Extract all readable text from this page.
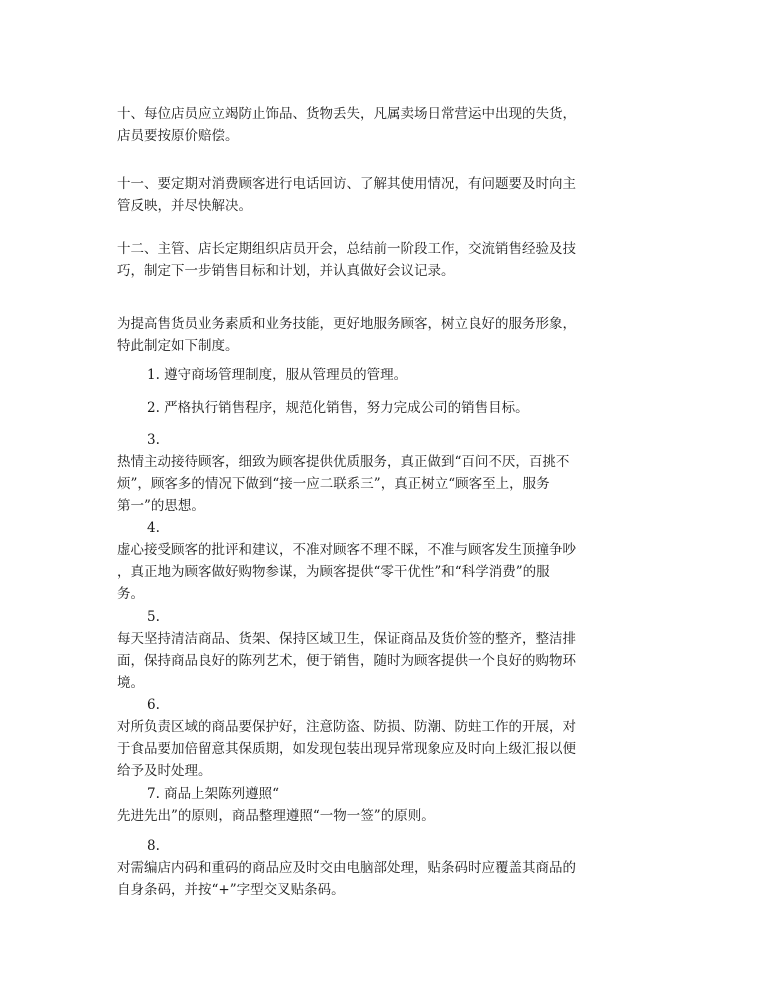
十、每位店员应立竭防止饰品、货物丢失，凡属卖场日常营运中出现的失货，
店员要按原价赔偿。
十一、要定期对消费顾客进行电话回访、了解其使用情况，有问题要及时向主
管反映，并尽快解决。
十二、主管、店长定期组织店员开会，总结前一阶段工作，交流销售经验及技
巧，制定下一步销售目标和计划，并认真做好会议记录。
为提高售货员业务素质和业务技能，更好地服务顾客，树立良好的服务形象，
特此制定如下制度。
1. 遵守商场管理制度，服从管理员的管理。
2. 严格执行销售程序，规范化销售，努力完成公司的销售目标。
3.
热情主动接待顾客，细致为顾客提供优质服务，真正做到“百问不厌，百挑不
烦”，顾客多的情况下做到“接一应二联系三”，真正树立“顾客至上，服务
第一”的思想。
4.
虚心接受顾客的批评和建议，不准对顾客不理不睬，不准与顾客发生顶撞争吵
，真正地为顾客做好购物参谋，为顾客提供“零干优性”和“科学消费”的服
务。
5.
每天坚持清洁商品、货架、保持区域卫生，保证商品及货价签的整齐，整洁排
面，保持商品良好的陈列艺术，便于销售，随时为顾客提供一个良好的购物环
境。
6.
对所负责区域的商品要保护好，注意防盗、防损、防潮、防蛀工作的开展，对
于食品要加倍留意其保质期，如发现包装出现异常现象应及时向上级汇报以便
给予及时处理。
7. 商品上架陈列遵照“
先进先出”的原则，商品整理遵照“一物一签”的原则。
8.
对需编店内码和重码的商品应及时交由电脑部处理，贴条码时应覆盖其商品的
自身条码，并按“+”字型交叉贴条码。
